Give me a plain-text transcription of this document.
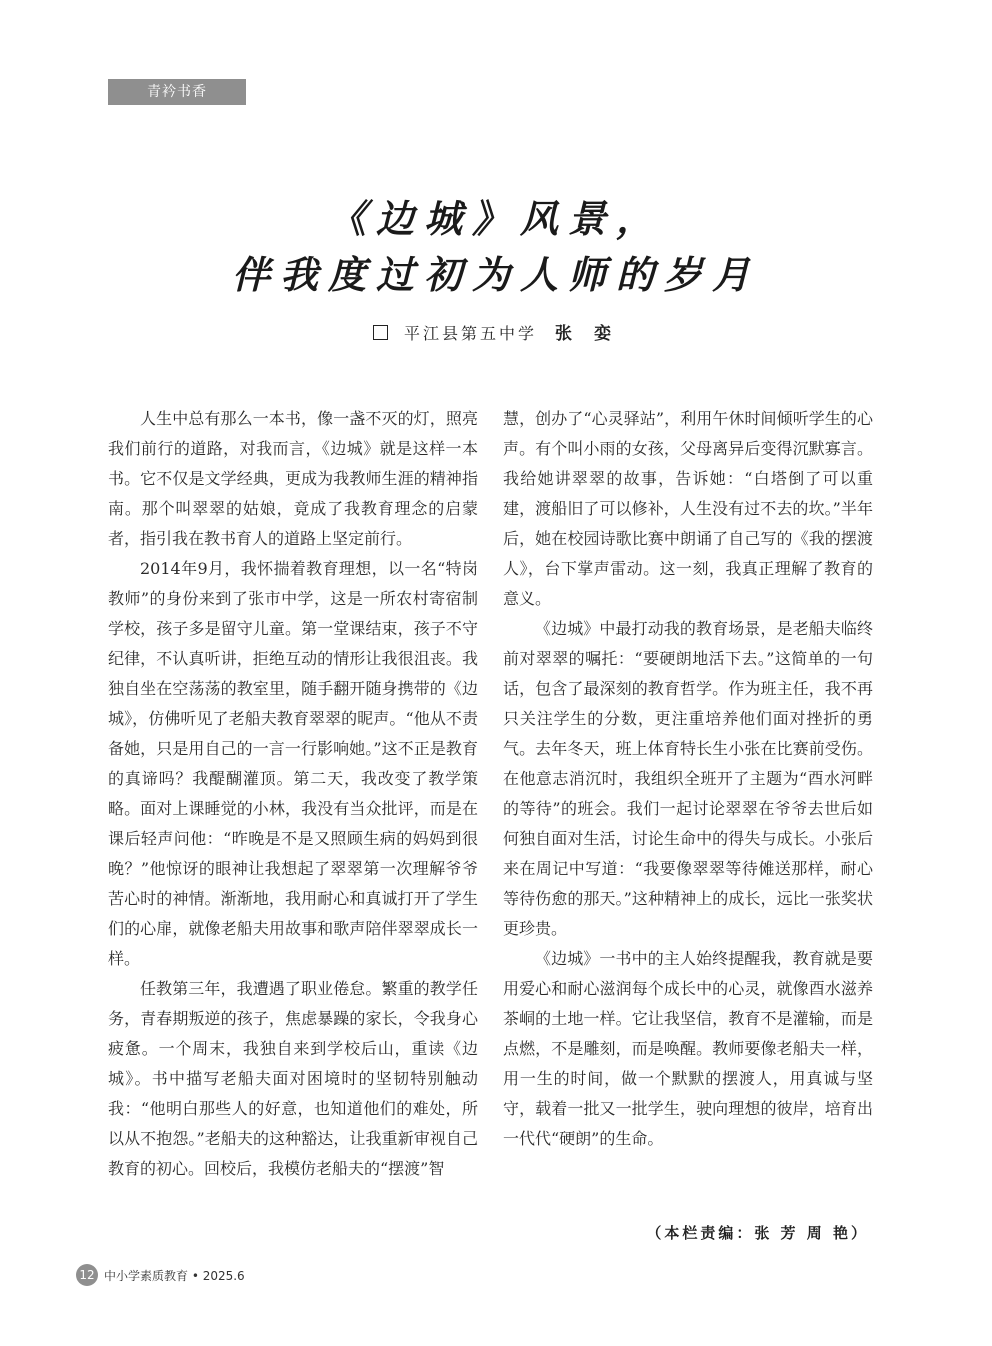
青衿书香
《边城》风景，
伴我度过初为人师的岁月
平江县第五中学 张 娈

人生中总有那么一本书，像一盏不灭的灯，照亮我们前行的道路，对我而言，《边城》就是这样一本书。它不仅是文学经典，更成为我教师生涯的精神指南。那个叫翠翠的姑娘，竟成了我教育理念的启蒙者，指引我在教书育人的道路上坚定前行。

2014年9月，我怀揣着教育理想，以一名“特岗教师”的身份来到了张市中学，这是一所农村寄宿制学校，孩子多是留守儿童。第一堂课结束，孩子不守纪律，不认真听讲，拒绝互动的情形让我很沮丧。我独自坐在空荡荡的教室里，随手翻开随身携带的《边城》，仿佛听见了老船夫教育翠翠的昵声。“他从不责备她，只是用自己的一言一行影响她。”这不正是教育的真谛吗？我醍醐灌顶。第二天，我改变了教学策略。面对上课睡觉的小林，我没有当众批评，而是在课后轻声问他：“昨晚是不是又照顾生病的妈妈到很晚？”他惊讶的眼神让我想起了翠翠第一次理解爷爷苦心时的神情。渐渐地，我用耐心和真诚打开了学生们的心扉，就像老船夫用故事和歌声陪伴翠翠成长一样。

任教第三年，我遭遇了职业倦怠。繁重的教学任务，青春期叛逆的孩子，焦虑暴躁的家长，令我身心疲惫。一个周末，我独自来到学校后山，重读《边城》。书中描写老船夫面对困境时的坚韧特别触动我：“他明白那些人的好意，也知道他们的难处，所以从不抱怨。”老船夫的这种豁达，让我重新审视自己教育的初心。回校后，我模仿老船夫的“摆渡”智

慧，创办了“心灵驿站”，利用午休时间倾听学生的心声。有个叫小雨的女孩，父母离异后变得沉默寡言。我给她讲翠翠的故事，告诉她：“白塔倒了可以重建，渡船旧了可以修补，人生没有过不去的坎。”半年后，她在校园诗歌比赛中朗诵了自己写的《我的摆渡人》，台下掌声雷动。这一刻，我真正理解了教育的意义。

《边城》中最打动我的教育场景，是老船夫临终前对翠翠的嘱托：“要硬朗地活下去。”这简单的一句话，包含了最深刻的教育哲学。作为班主任，我不再只关注学生的分数，更注重培养他们面对挫折的勇气。去年冬天，班上体育特长生小张在比赛前受伤。在他意志消沉时，我组织全班开了主题为“酉水河畔的等待”的班会。我们一起讨论翠翠在爷爷去世后如何独自面对生活，讨论生命中的得失与成长。小张后来在周记中写道：“我要像翠翠等待傩送那样，耐心等待伤愈的那天。”这种精神上的成长，远比一张奖状更珍贵。

《边城》一书中的主人始终提醒我，教育就是要用爱心和耐心滋润每个成长中的心灵，就像酉水滋养茶峒的土地一样。它让我坚信，教育不是灌输，而是点燃，不是雕刻，而是唤醒。教师要像老船夫一样，用一生的时间，做一个默默的摆渡人，用真诚与坚守，载着一批又一批学生，驶向理想的彼岸，培育出一代代“硬朗”的生命。

（本栏责编：张 芳 周 艳）
12 中小学素质教育 • 2025.6
